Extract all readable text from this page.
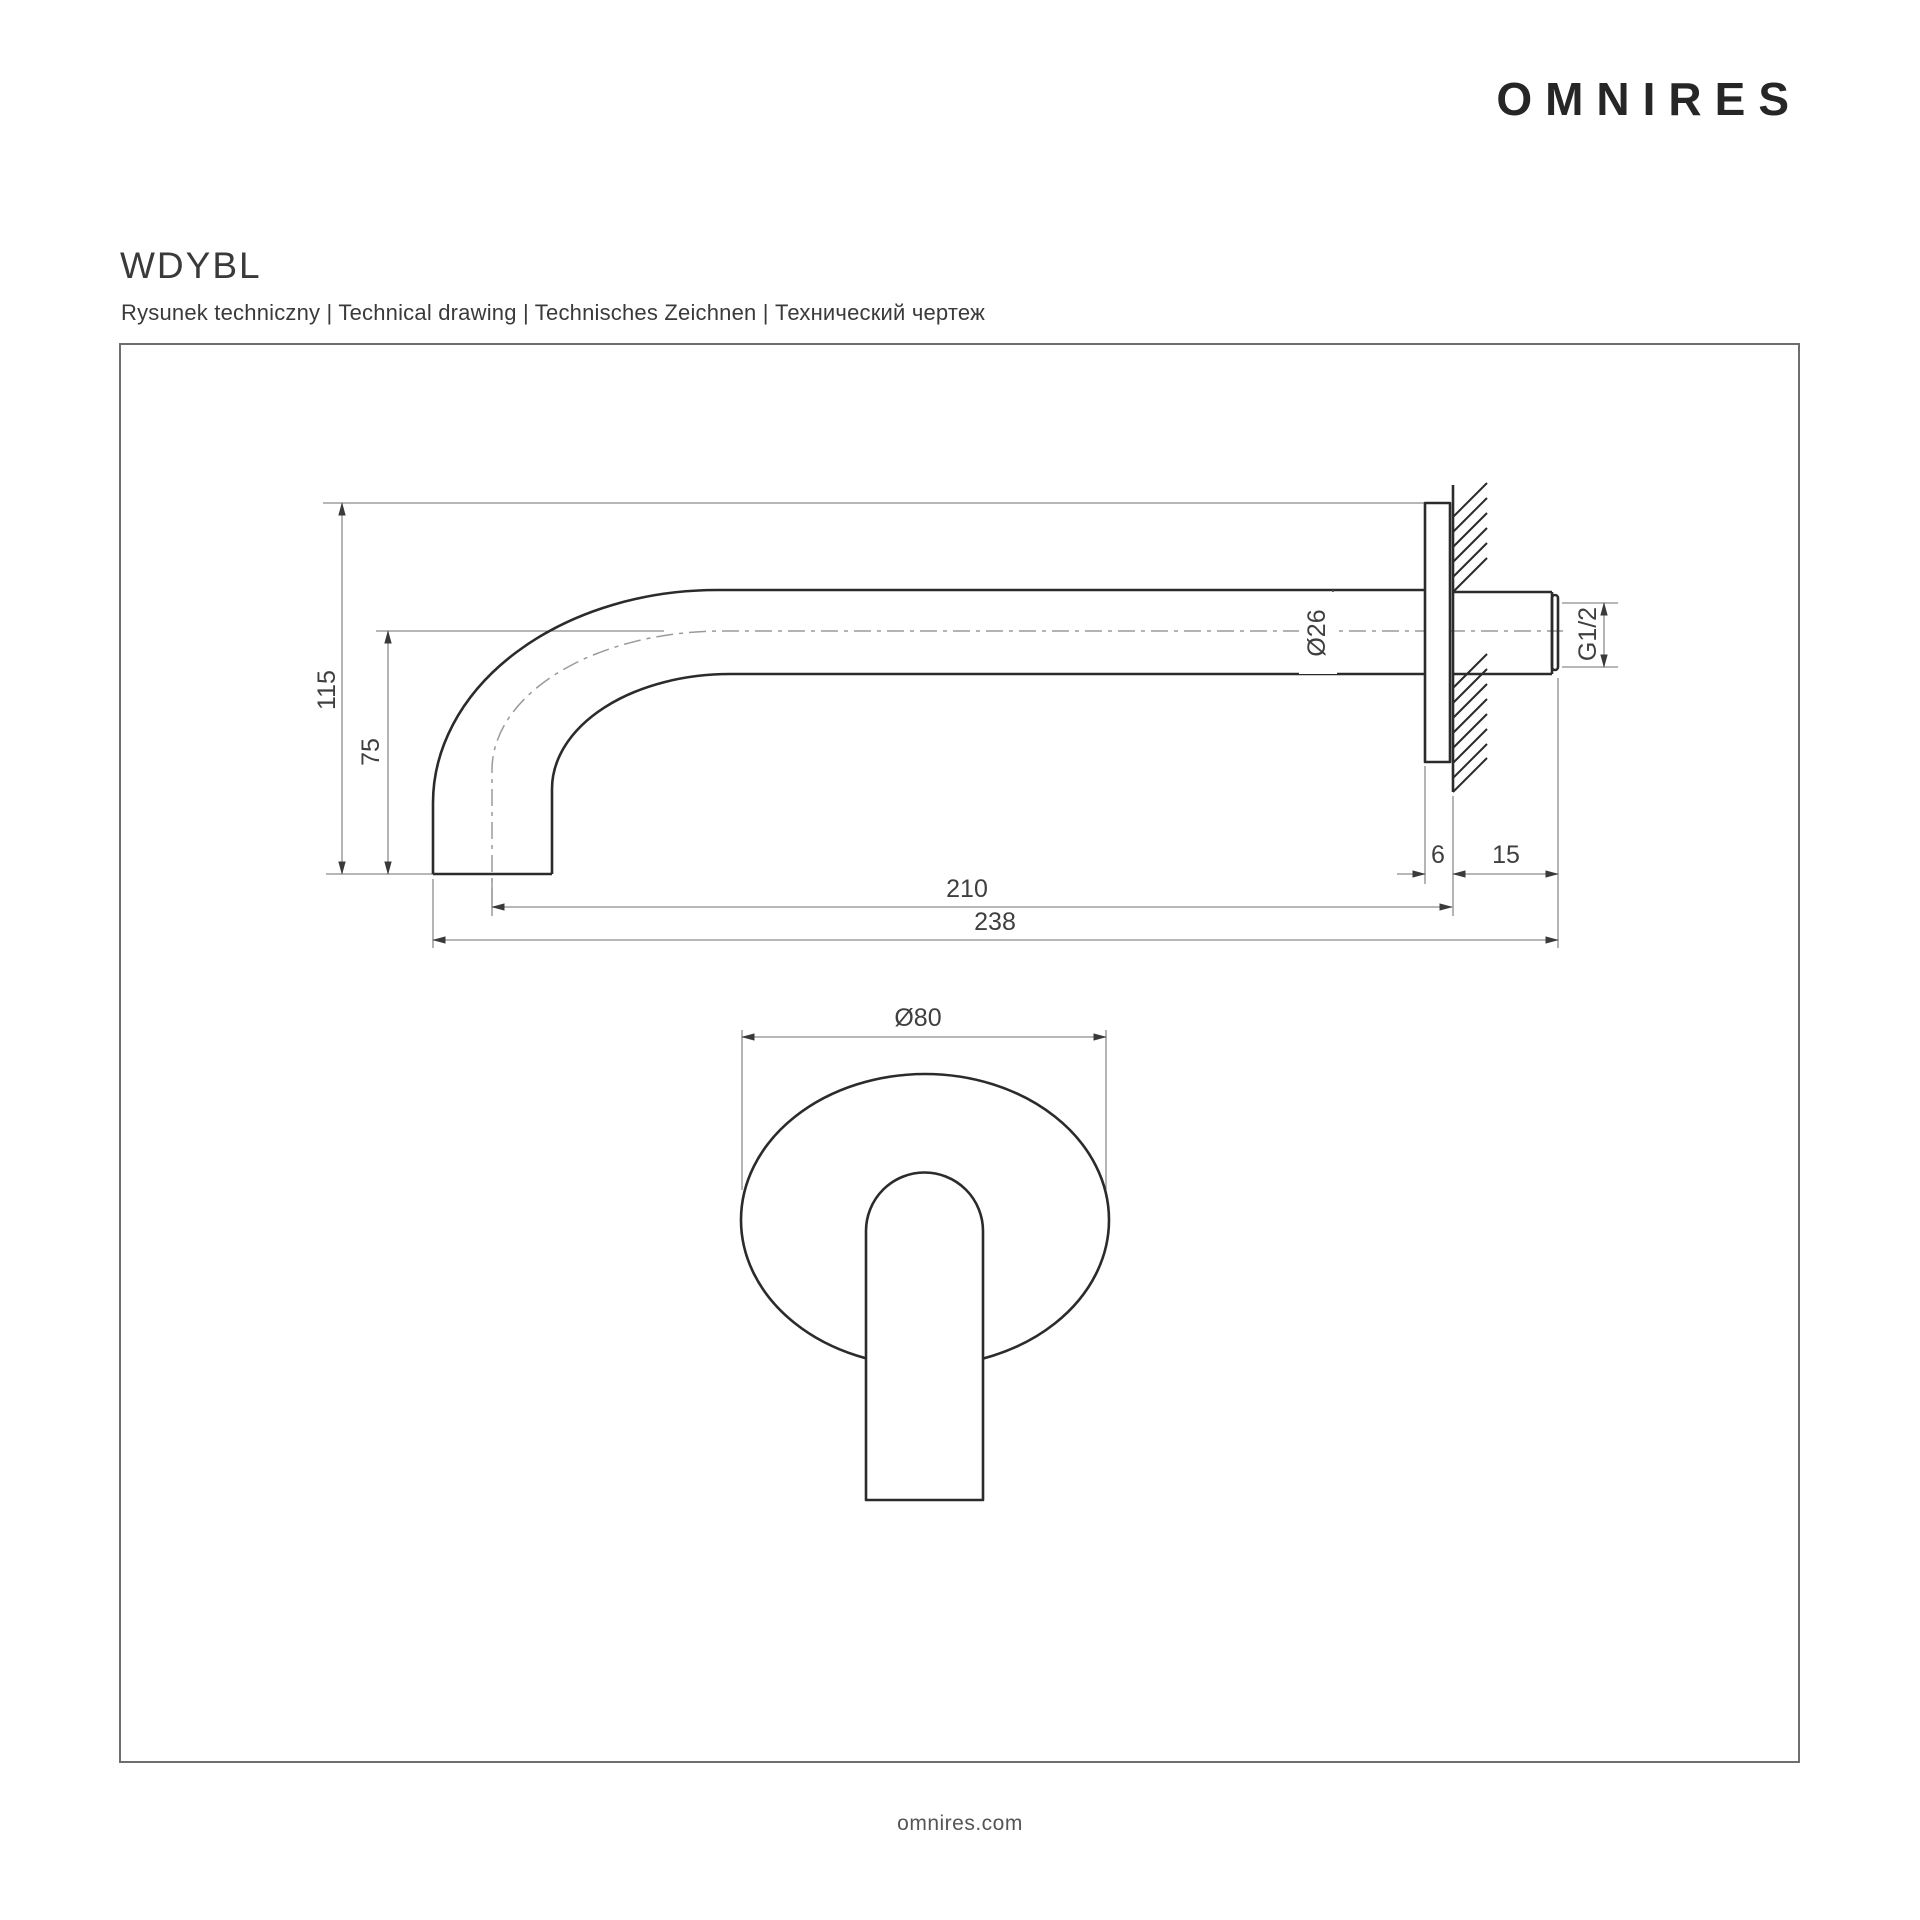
OMNIRES
WDYBL
Rysunek techniczny | Technical drawing | Technisches Zeichnen | Технический чертеж
115
75
Ø26	G1/2
6 15
210
238
Ø80
omnires.com
